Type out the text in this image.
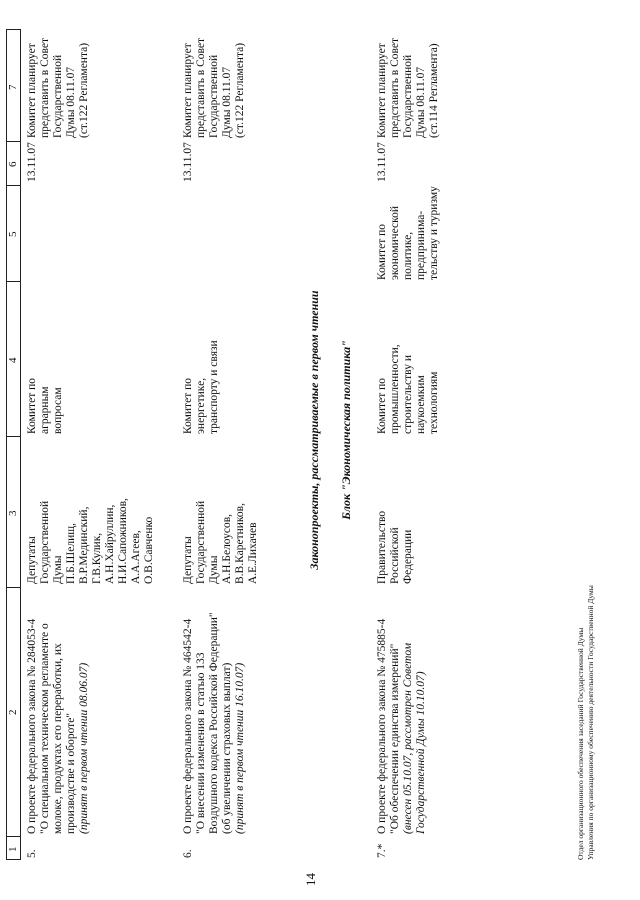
14
1
2
3
4
5
6
7
5.
О проекте федерального закона № 284053-4
"О специальном техническом регламенте о
молоке, продуктах его переработки, их
производстве и обороте" (принят в первом чтении 08.06.07)
Депутаты
Государственной
Думы
П.Б.Шелищ,
В.Р.Мединский,
Г.В.Кулик,
А.Н.Хайруллин,
Н.И.Сапожников,
А.А.Агеев,
О.В.Савченко
Комитет по
аграрным
вопросам
13.11.07
Комитет планирует
представить в Совет
Государственной
Думы 08.11.07
(ст.122 Регламента)
6.
О проекте федерального закона № 464542-4
"О внесении изменения в статью 133
Воздушного кодекса Российской Федерации"
(об увеличении страховых выплат) (принят в первом чтении 16.10.07)
Депутаты
Государственной
Думы
А.Н.Белоусов,
В.В.Каретников,
А.Е.Лихачев
Комитет по
энергетике,
транспорту и связи
13.11.07
Комитет планирует
представить в Совет
Государственной
Думы 08.11.07
(ст.122 Регламента)
Законопроекты, рассматриваемые в первом чтении Блок "Экономическая политика"
7.*
О проекте федерального закона № 475885-4
"Об обеспечении единства измерений"
(внесен 05.10.07, рассмотрен Советом
Государственной Думы 10.10.07)
Правительство
Российской
Федерации
Комитет по
промышленности,
строительству и
наукоемким
технологиям
Комитет по
экономической
политике,
предпринима-
тельству и туризму
13.11.07
Комитет планирует
представить в Совет
Государственной
Думы 08.11.07
(ст.114 Регламента)
Отдел организационного обеспечения заседаний Государственной Думы Управления по организационному обеспечению деятельности Государственной Думы
